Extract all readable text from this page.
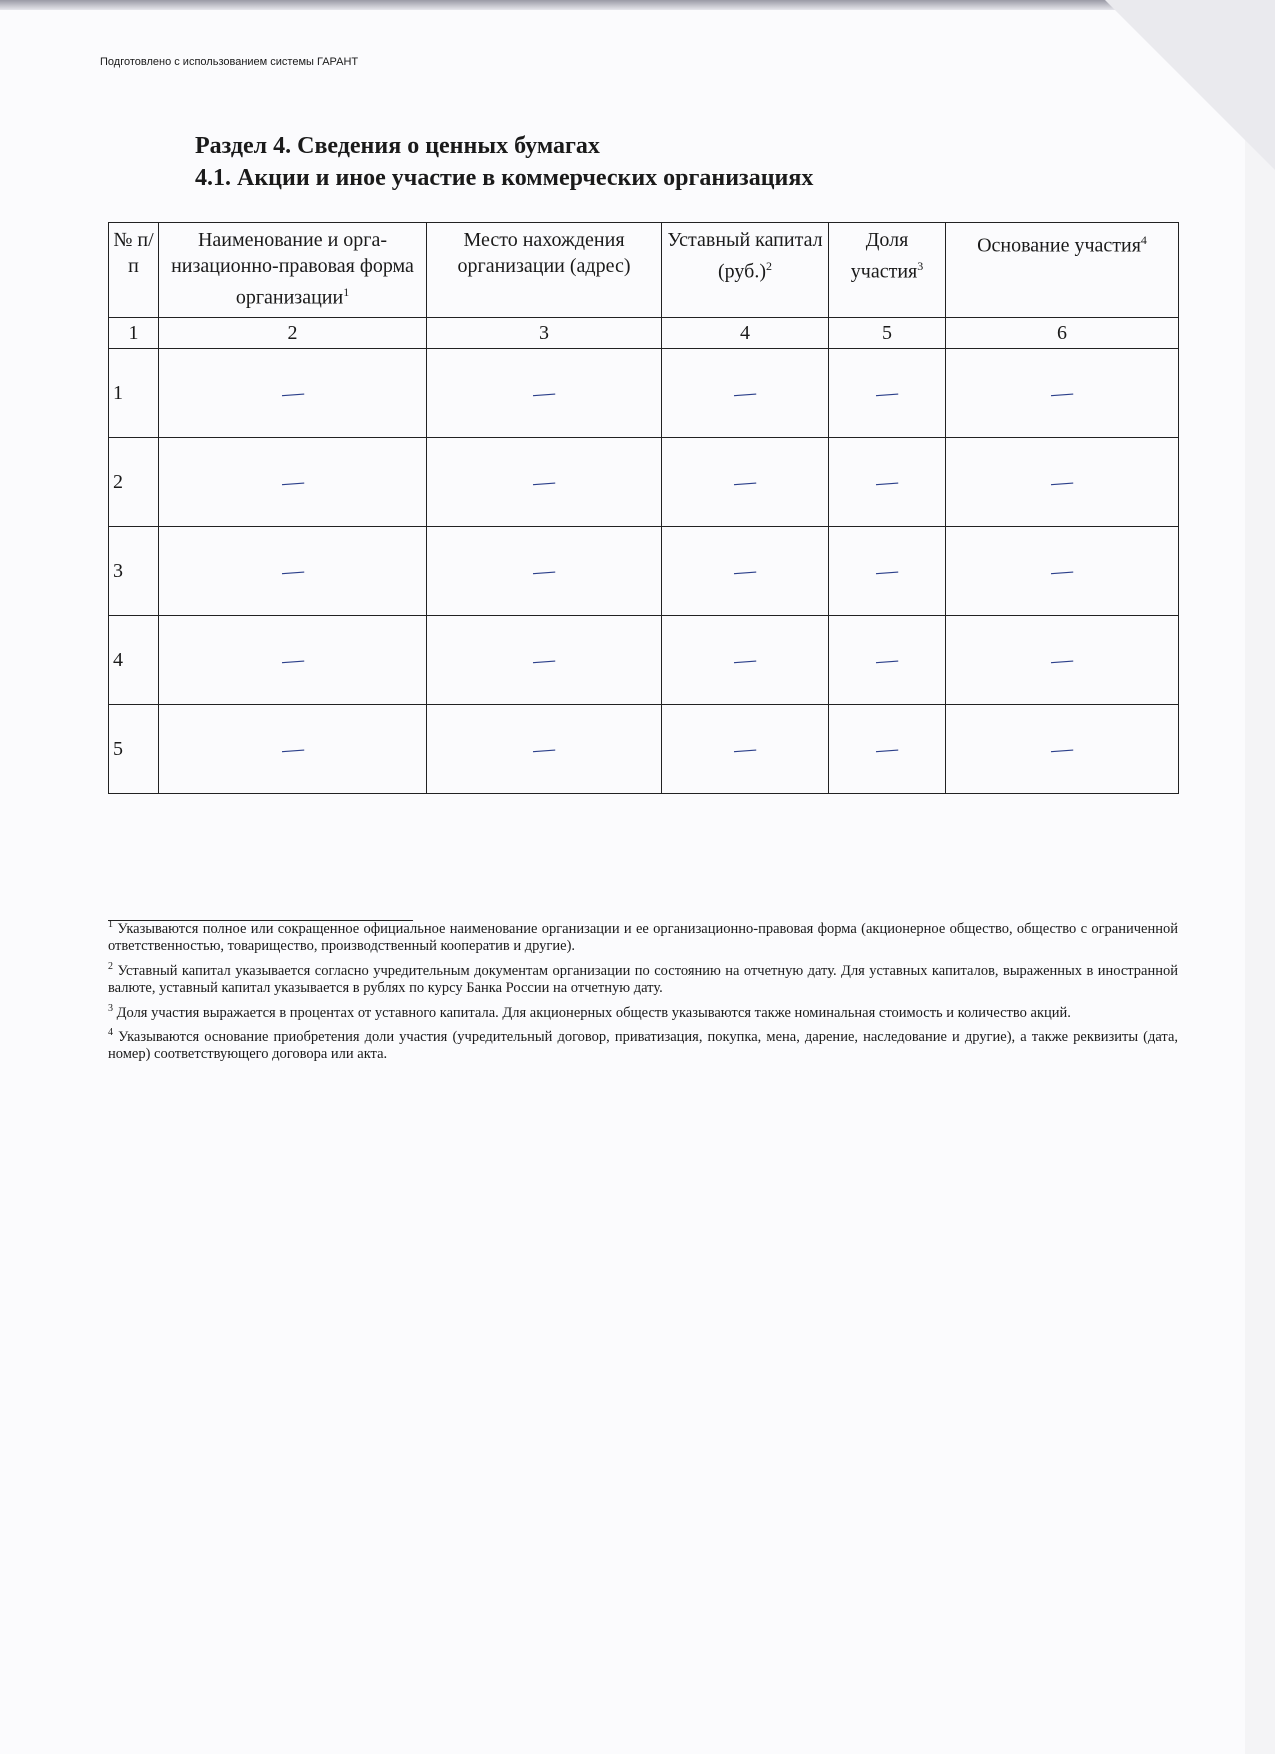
Подготовлено с использованием системы ГАРАНТ
Раздел 4. Сведения о ценных бумагах
4.1. Акции и иное участие в коммерческих организациях
№ п/п	Наименование и орга-низационно-правовая форма организации$^1$	Место нахождения организации (адрес)	Уставный капитал $(руб.)^2$	Доля участия$^3$	Основание участия$^4$
1	2	3	4	5	6
1	—	—	—	—	—
2	—	—	—	—	—
3	—	—	—	—	—
4	—	—	—	—	—
5	—	—	—	—	—

$^1$ Указываются полное или сокращенное официальное наименование организации и ее организационно-правовая форма (акционерное общество, общество с ограниченной ответственностью, товарищество, производственный кооператив и другие).

$^2$ Уставный капитал указывается согласно учредительным документам организации по состоянию на отчетную дату. Для уставных капиталов, выраженных в иностранной валюте, уставный капитал указывается в рублях по курсу Банка России на отчетную дату.

$^3$ Доля участия выражается в процентах от уставного капитала. Для акционерных обществ указываются также номинальная стоимость и количество акций.

$^4$ Указываются основание приобретения доли участия (учредительный договор, приватизация, покупка, мена, дарение, наследование и другие), а также реквизиты (дата, номер) соответствующего договора или акта.
